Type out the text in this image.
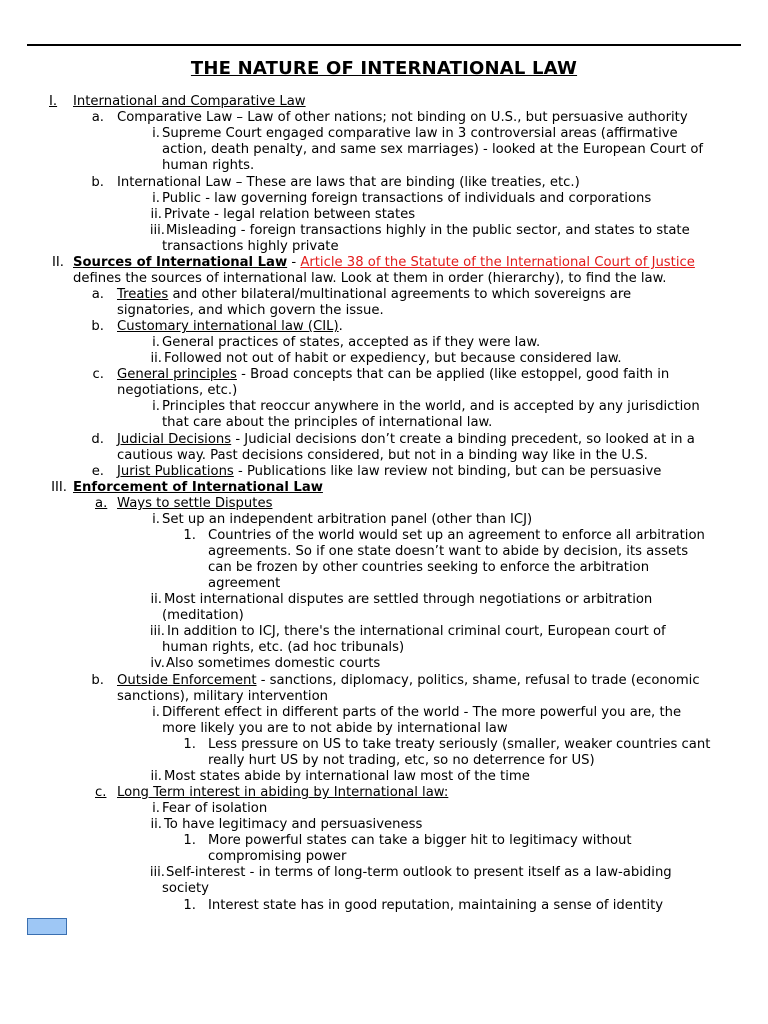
THE NATURE OF INTERNATIONAL LAW
I. International and Comparative Law
a. Comparative Law – Law of other nations; not binding on U.S., but persuasive authority
i. Supreme Court engaged comparative law in 3 controversial areas (affirmative
action, death penalty, and same sex marriages) - looked at the European Court of
human rights.
b. International Law – These are laws that are binding (like treaties, etc.)
i. Public - law governing foreign transactions of individuals and corporations
ii. Private - legal relation between states
iii. Misleading - foreign transactions highly in the public sector, and states to state
transactions highly private
II. Sources of International Law - Article 38 of the Statute of the International Court of Justice
defines the sources of international law. Look at them in order (hierarchy), to find the law.
a. Treaties and other bilateral/multinational agreements to which sovereigns are
signatories, and which govern the issue.
b. Customary international law (CIL).
i. General practices of states, accepted as if they were law.
ii. Followed not out of habit or expediency, but because considered law.
c. General principles - Broad concepts that can be applied (like estoppel, good faith in
negotiations, etc.)
i. Principles that reoccur anywhere in the world, and is accepted by any jurisdiction
that care about the principles of international law.
d. Judicial Decisions - Judicial decisions don’t create a binding precedent, so looked at in a
cautious way. Past decisions considered, but not in a binding way like in the U.S.
e. Jurist Publications - Publications like law review not binding, but can be persuasive
III. Enforcement of International Law
a. Ways to settle Disputes
i. Set up an independent arbitration panel (other than ICJ)
1. Countries of the world would set up an agreement to enforce all arbitration
agreements. So if one state doesn’t want to abide by decision, its assets
can be frozen by other countries seeking to enforce the arbitration
agreement
ii. Most international disputes are settled through negotiations or arbitration
(meditation)
iii. In addition to ICJ, there's the international criminal court, European court of
human rights, etc. (ad hoc tribunals)
iv. Also sometimes domestic courts
b. Outside Enforcement - sanctions, diplomacy, politics, shame, refusal to trade (economic
sanctions), military intervention
i. Different effect in different parts of the world - The more powerful you are, the
more likely you are to not abide by international law
1. Less pressure on US to take treaty seriously (smaller, weaker countries cant
really hurt US by not trading, etc, so no deterrence for US)
ii. Most states abide by international law most of the time
c. Long Term interest in abiding by International law:
i. Fear of isolation
ii. To have legitimacy and persuasiveness
1. More powerful states can take a bigger hit to legitimacy without
compromising power
iii. Self-interest - in terms of long-term outlook to present itself as a law-abiding
society
1. Interest state has in good reputation, maintaining a sense of identity
